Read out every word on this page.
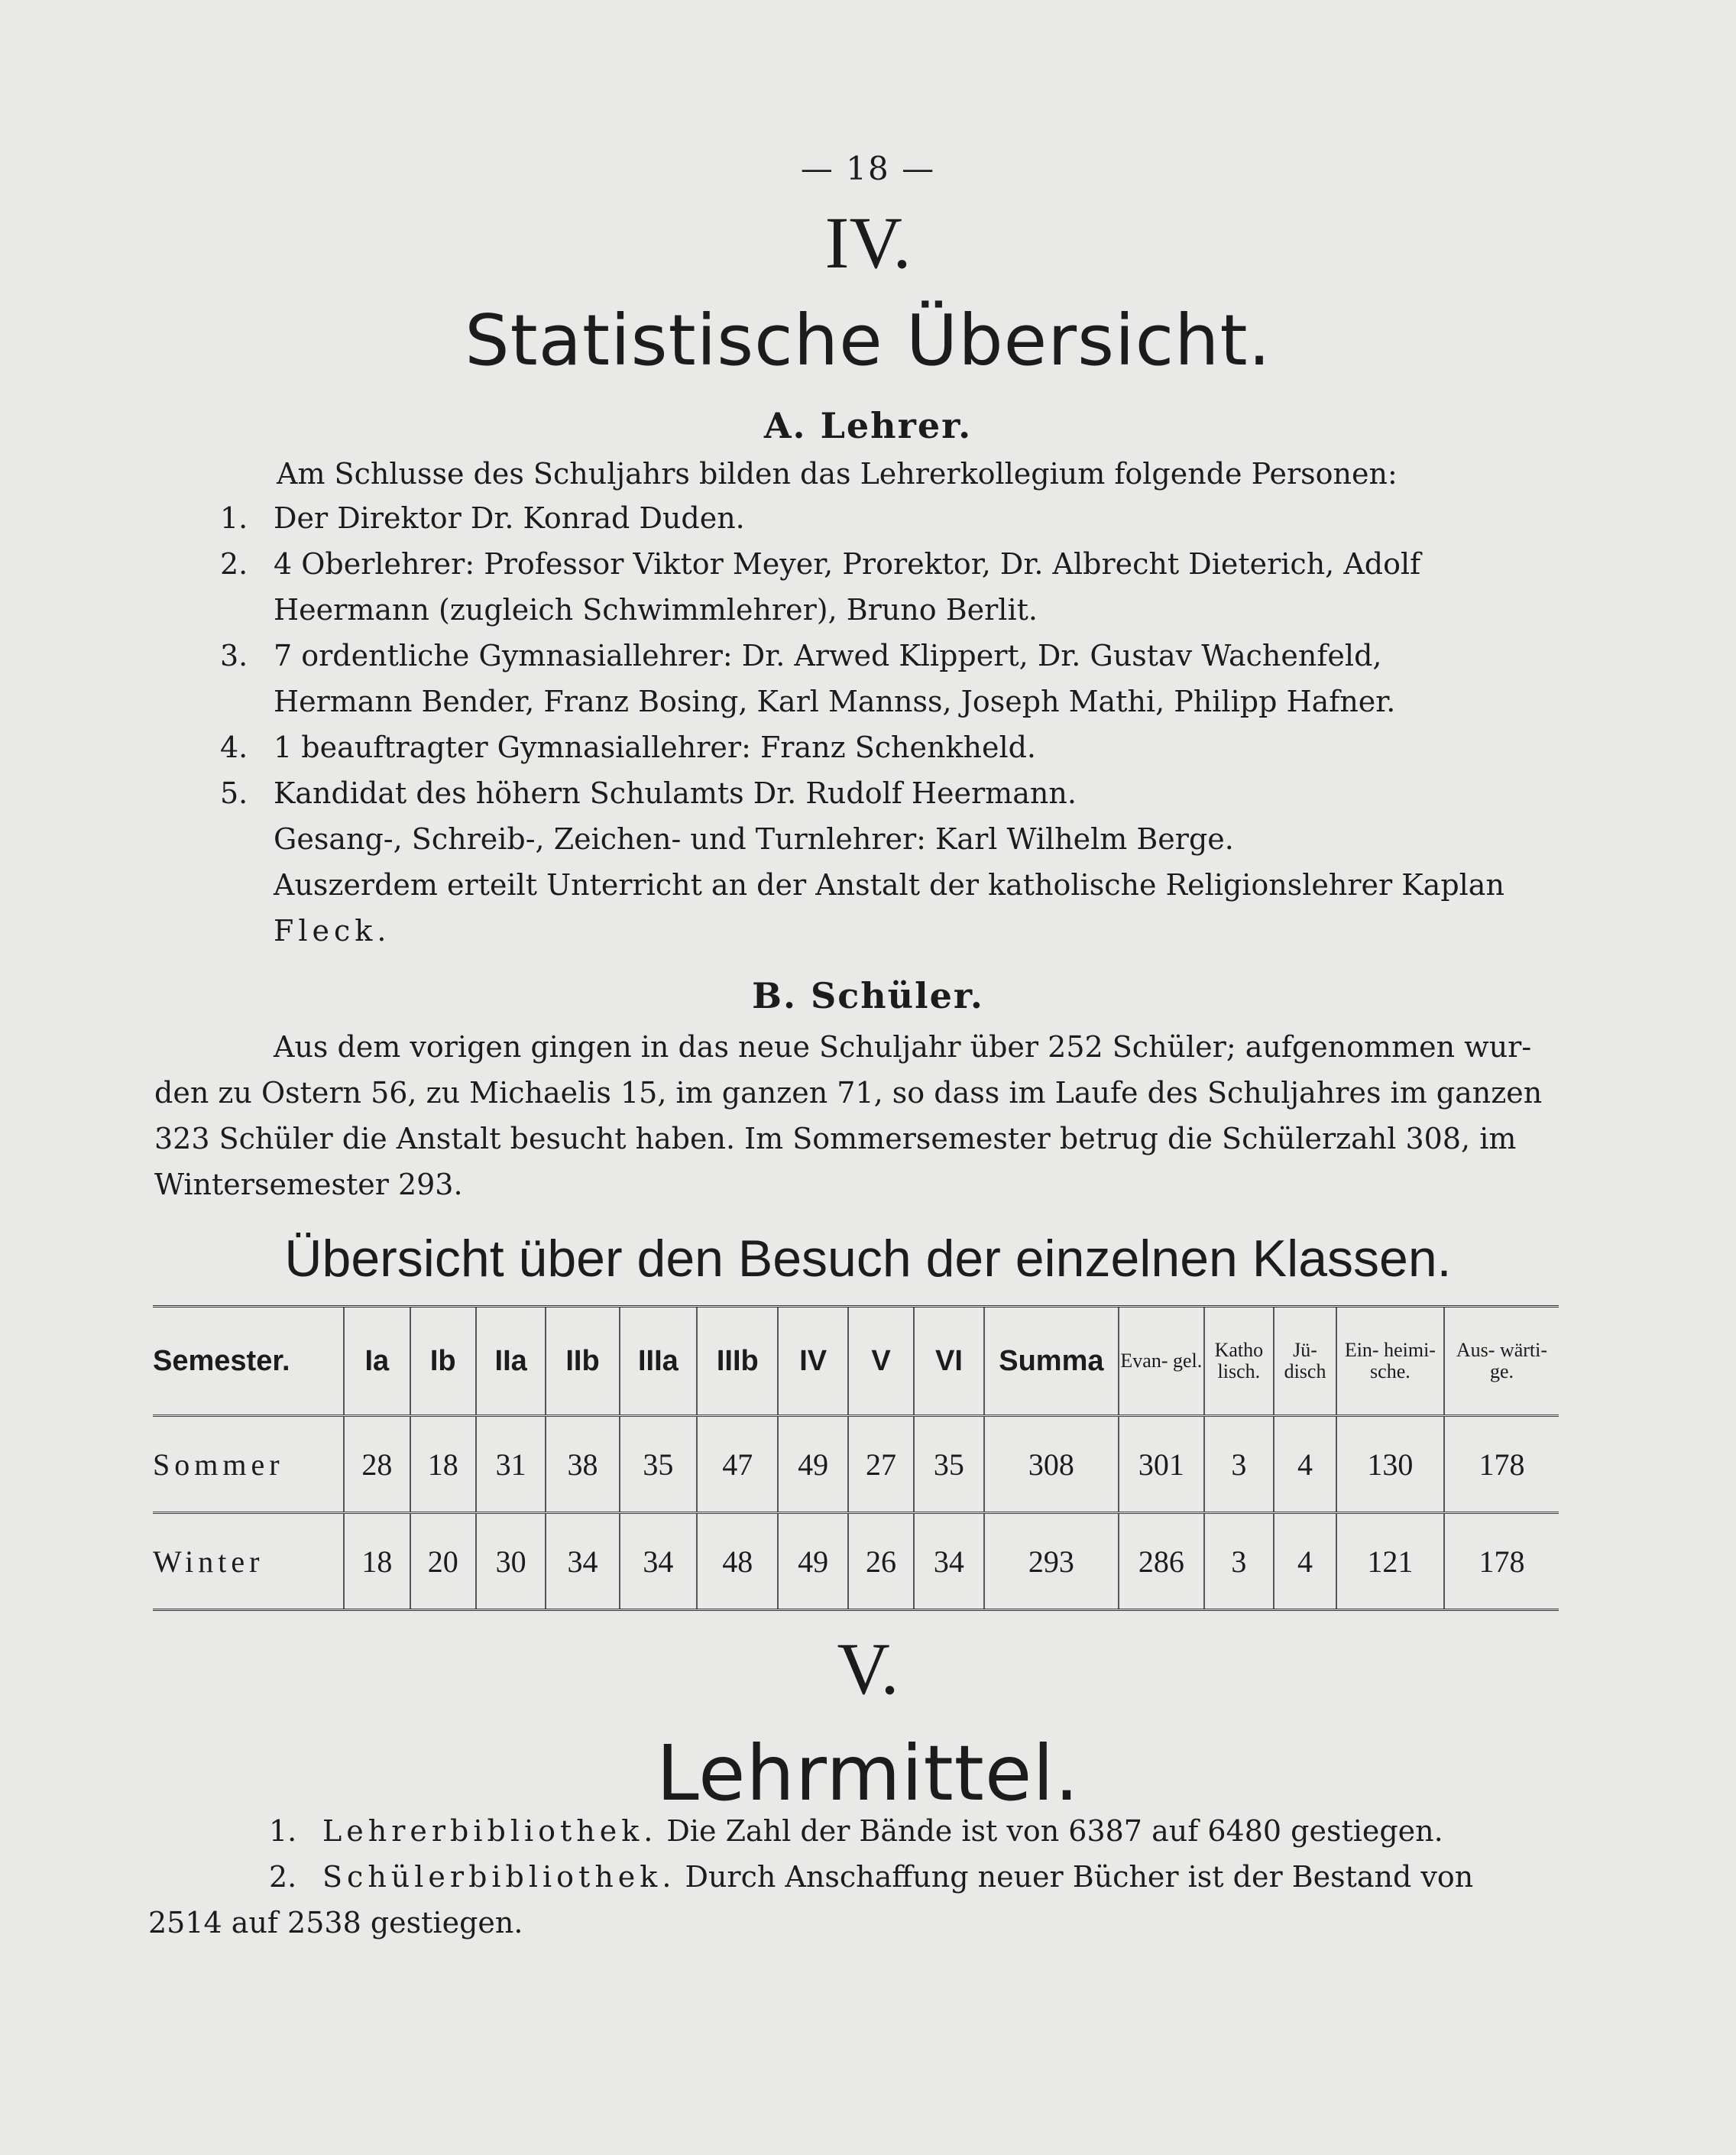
— 18 —
IV.
Statistische Übersicht.
A. Lehrer.
Am Schlusse des Schuljahrs bilden das Lehrerkollegium folgende Personen:
1. Der Direktor Dr. Konrad Duden.
2. 4 Oberlehrer: Professor Viktor Meyer, Prorektor, Dr. Albrecht Dieterich, Adolf
Heermann (zugleich Schwimmlehrer), Bruno Berlit.
3. 7 ordentliche Gymnasiallehrer: Dr. Arwed Klippert, Dr. Gustav Wachenfeld,
Hermann Bender, Franz Bosing, Karl Mannss, Joseph Mathi, Philipp Hafner.
4. 1 beauftragter Gymnasiallehrer: Franz Schenkheld.
5. Kandidat des höhern Schulamts Dr. Rudolf Heermann.
Gesang-, Schreib-, Zeichen- und Turnlehrer: Karl Wilhelm Berge.
Auszerdem erteilt Unterricht an der Anstalt der katholische Religionslehrer Kaplan
Fleck.
B. Schüler.
Aus dem vorigen gingen in das neue Schuljahr über 252 Schüler; aufgenommen wur-
den zu Ostern 56, zu Michaelis 15, im ganzen 71, so dass im Laufe des Schuljahres im ganzen
323 Schüler die Anstalt besucht haben. Im Sommersemester betrug die Schülerzahl 308, im
Wintersemester 293.
Übersicht über den Besuch der einzelnen Klassen.
Semester.	Ia	Ib	IIa	IIb	IIIa	IIIb	IV	V	VI	Summa	Evan- gel.	Katho lisch.	Jü- disch	Ein- heimi- sche.	Aus- wärti- ge.
Sommer	28	18	31	38	35	47	49	27	35	308	301	3	4	130	178
Winter	18	20	30	34	34	48	49	26	34	293	286	3	4	121	178
V.
Lehrmittel.
1. Lehrerbibliothek. Die Zahl der Bände ist von 6387 auf 6480 gestiegen.
2. Schülerbibliothek. Durch Anschaffung neuer Bücher ist der Bestand von
2514 auf 2538 gestiegen.
